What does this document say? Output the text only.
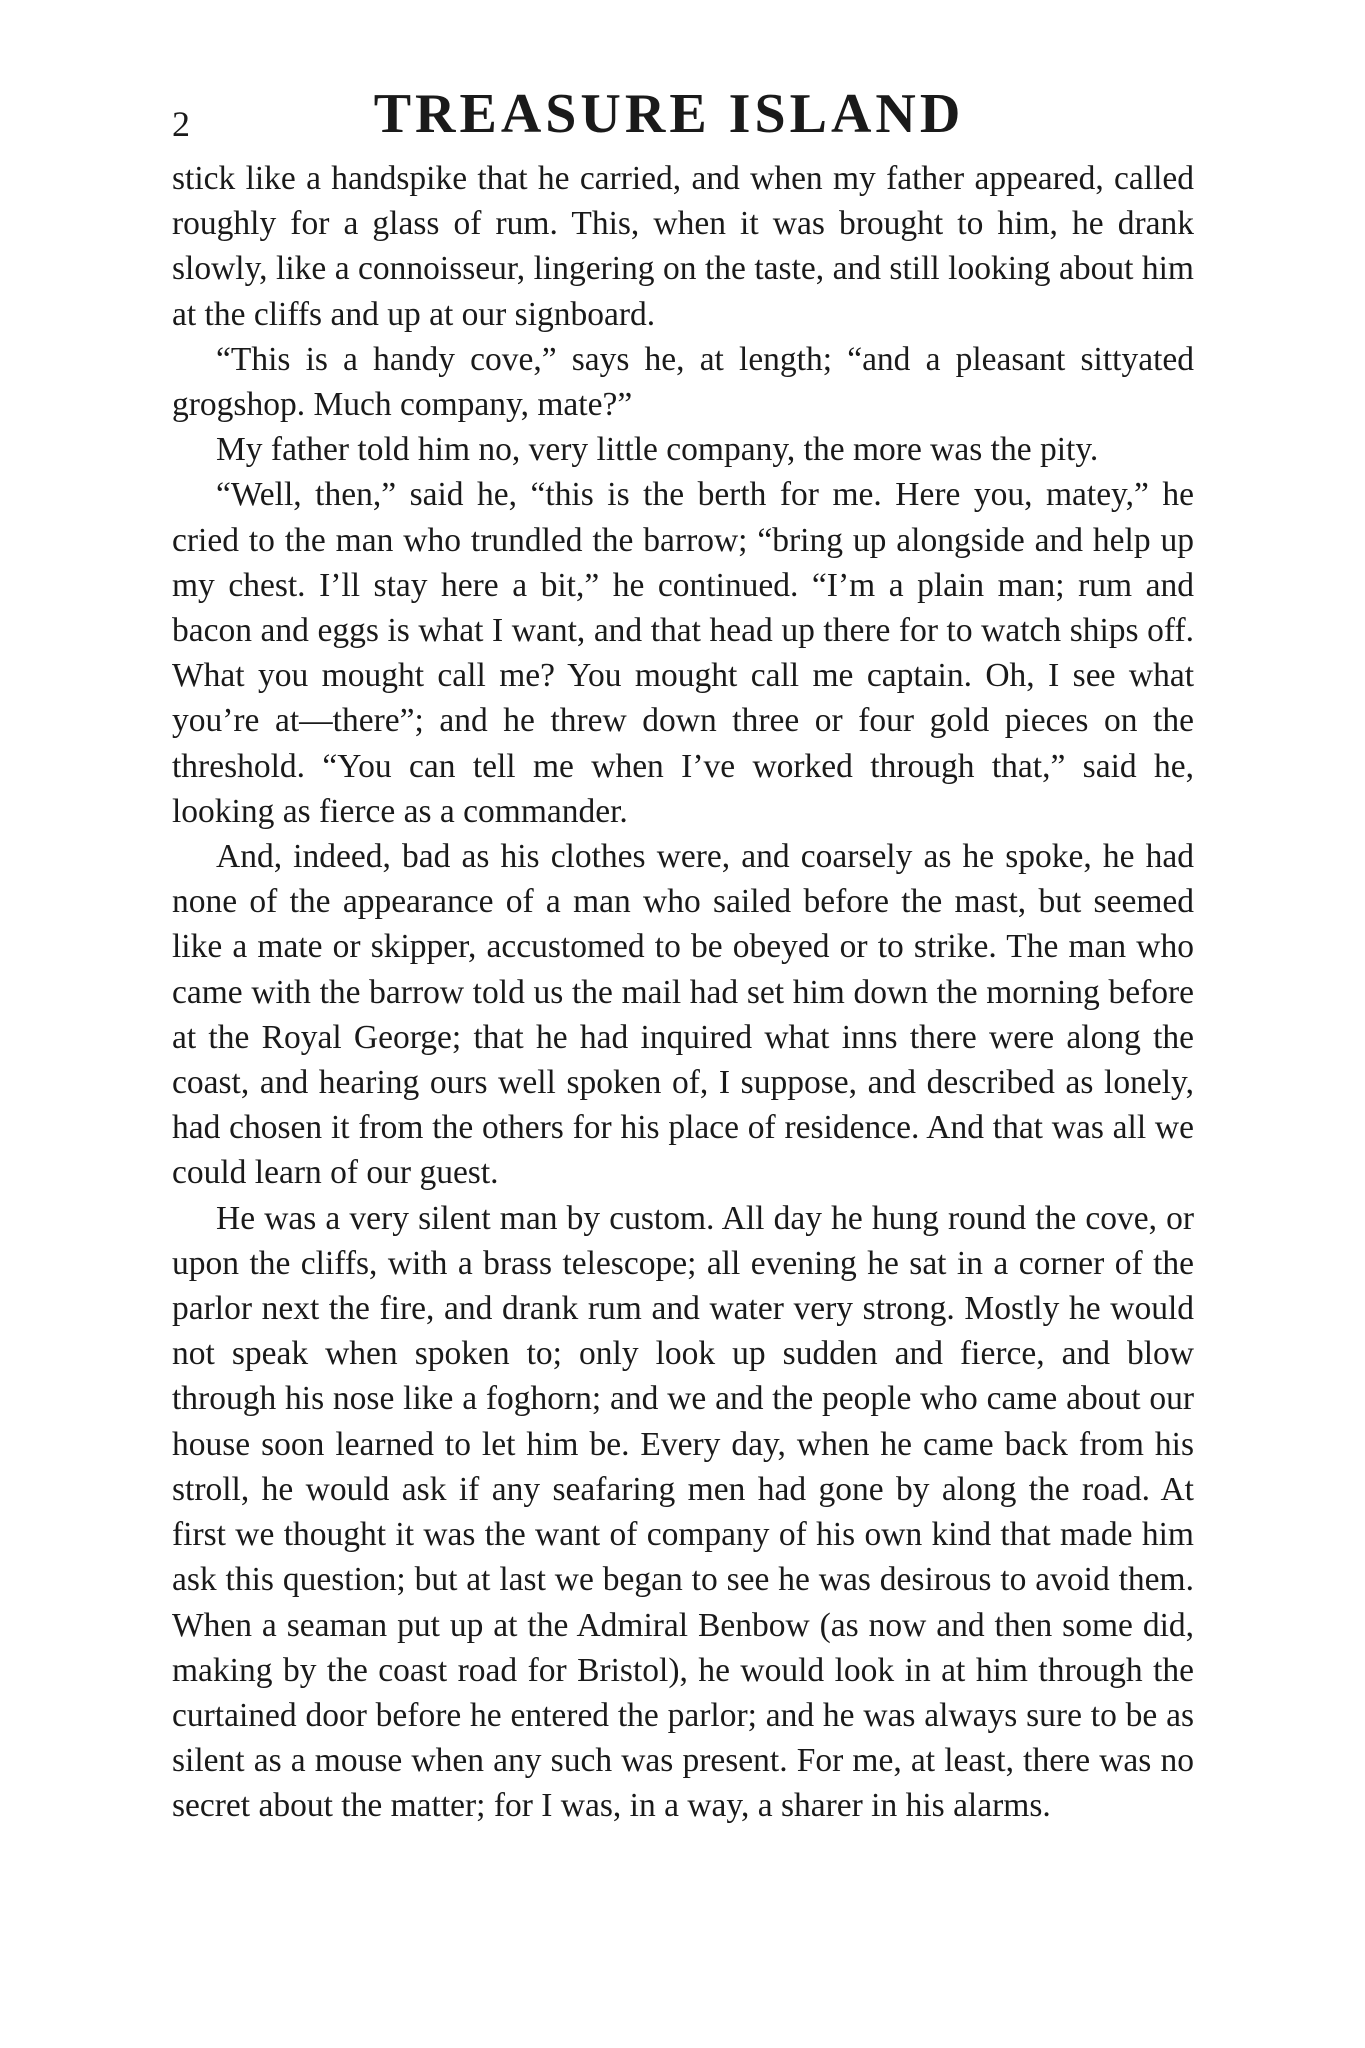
2	TREASURE ISLAND

stick like a handspike that he carried, and when my father appeared, called roughly for a glass of rum. This, when it was brought to him, he drank slowly, like a connoisseur, lingering on the taste, and still looking about him at the cliffs and up at our signboard.

“This is a handy cove,” says he, at length; “and a pleasant sittyated grogshop. Much company, mate?”

My father told him no, very little company, the more was the pity.

“Well, then,” said he, “this is the berth for me. Here you, matey,” he cried to the man who trundled the barrow; “bring up alongside and help up my chest. I’ll stay here a bit,” he continued. “I’m a plain man; rum and bacon and eggs is what I want, and that head up there for to watch ships off. What you mought call me? You mought call me captain. Oh, I see what you’re at—there”; and he threw down three or four gold pieces on the threshold. “You can tell me when I’ve worked through that,” said he, looking as fierce as a commander.

And, indeed, bad as his clothes were, and coarsely as he spoke, he had none of the appearance of a man who sailed before the mast, but seemed like a mate or skipper, accustomed to be obeyed or to strike. The man who came with the barrow told us the mail had set him down the morning before at the Royal George; that he had inquired what inns there were along the coast, and hearing ours well spoken of, I suppose, and described as lonely, had chosen it from the others for his place of residence. And that was all we could learn of our guest.

He was a very silent man by custom. All day he hung round the cove, or upon the cliffs, with a brass telescope; all evening he sat in a corner of the parlor next the fire, and drank rum and water very strong. Mostly he would not speak when spoken to; only look up sudden and fierce, and blow through his nose like a foghorn; and we and the people who came about our house soon learned to let him be. Every day, when he came back from his stroll, he would ask if any seafaring men had gone by along the road. At first we thought it was the want of company of his own kind that made him ask this question; but at last we began to see he was desirous to avoid them. When a seaman put up at the Admiral Benbow (as now and then some did, making by the coast road for Bristol), he would look in at him through the curtained door before he entered the parlor; and he was always sure to be as silent as a mouse when any such was present. For me, at least, there was no secret about the matter; for I was, in a way, a sharer in his alarms.
